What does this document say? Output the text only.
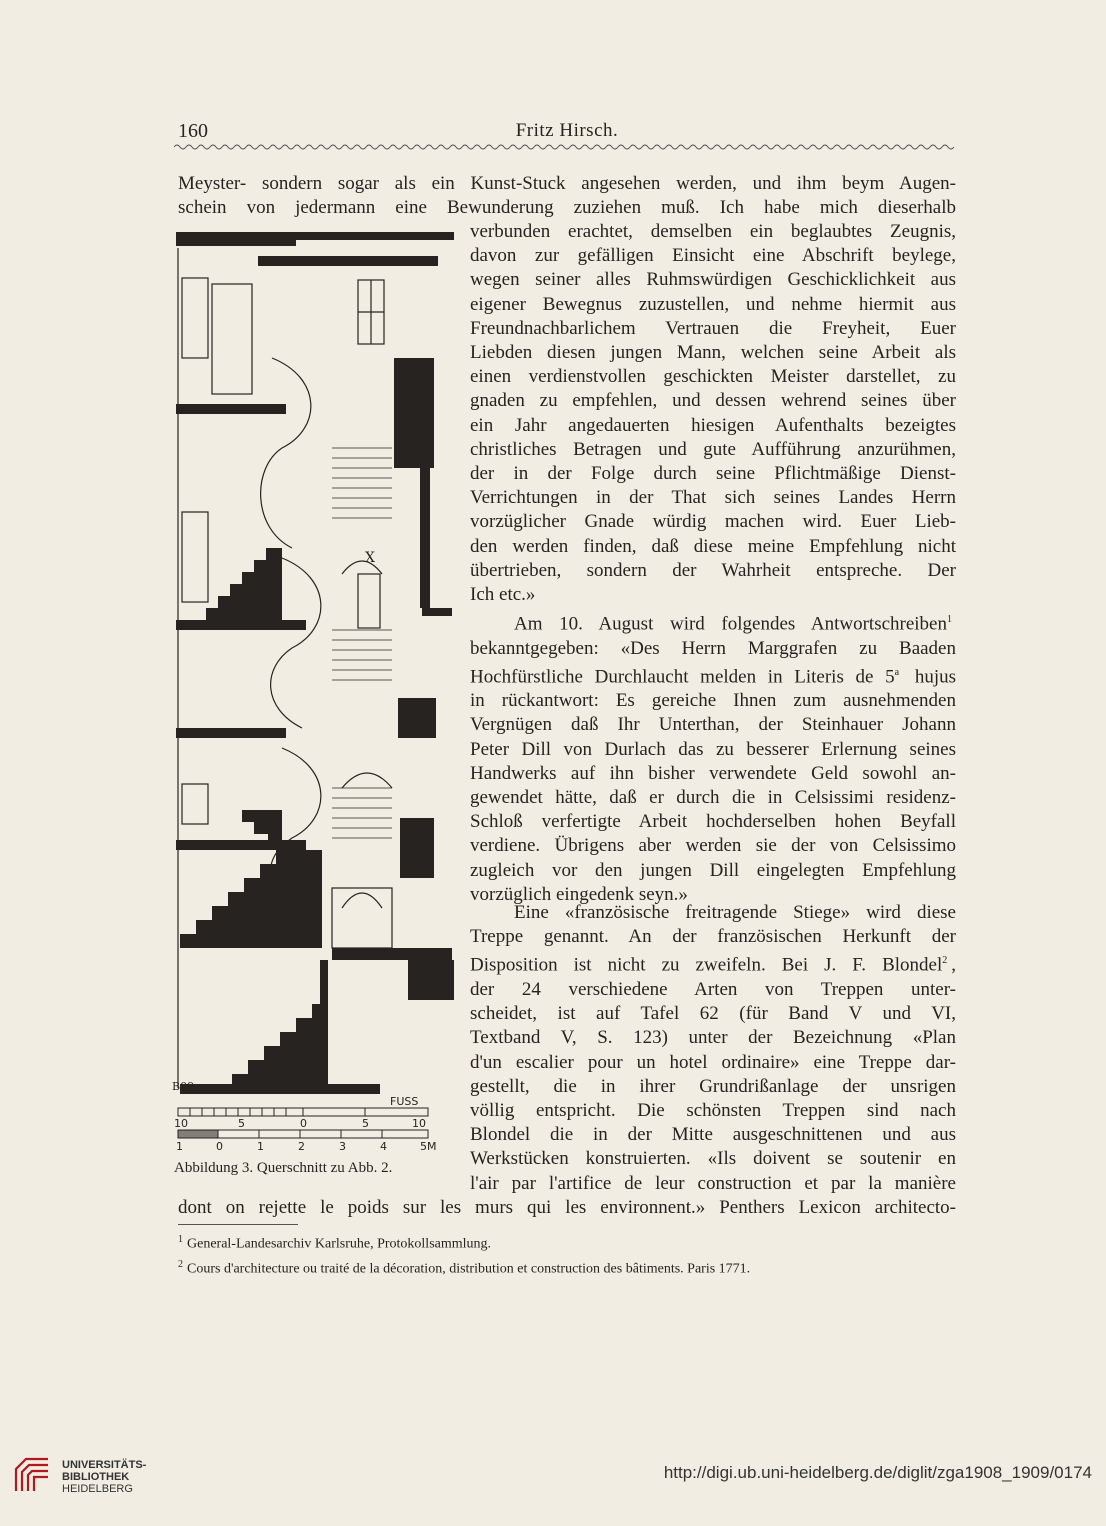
160	Fritz Hirsch.
Meyster- sondern sogar als ein Kunst-Stuck angesehen werden, und ihm beym Augen-
schein von jedermann eine Bewunderung zuziehen muß. Ich habe mich dieserhalb
verbunden erachtet, demselben ein beglaubtes Zeugnis,
davon zur gefälligen Einsicht eine Abschrift beylege,
wegen seiner alles Ruhmswürdigen Geschicklichkeit aus
eigener Bewegnus zuzustellen, und nehme hiermit aus
Freundnachbarlichem Vertrauen die Freyheit, Euer
Liebden diesen jungen Mann, welchen seine Arbeit als
einen verdienstvollen geschickten Meister darstellet, zu
gnaden zu empfehlen, und dessen wehrend seines über
ein Jahr angedauerten hiesigen Aufenthalts bezeigtes
christliches Betragen und gute Aufführung anzurühmen,
der in der Folge durch seine Pflichtmäßige Dienst-
Verrichtungen in der That sich seines Landes Herrn
vorzüglicher Gnade würdig machen wird. Euer Lieb-
den werden finden, daß diese meine Empfehlung nicht
übertrieben, sondern der Wahrheit entspreche. Der
Ich etc.»
Am 10. August wird folgendes Antwortschreiben$^1$
bekanntgegeben: «Des Herrn Marggrafen zu Baaden
Hochfürstliche Durchlaucht melden in Literis de 5$^a$ hujus
in rückantwort: Es gereiche Ihnen zum ausnehmenden
Vergnügen daß Ihr Unterthan, der Steinhauer Johann
Peter Dill von Durlach das zu besserer Erlernung seines
Handwerks auf ihn bisher verwendete Geld sowohl an-
gewendet hätte, daß er durch die in Celsissimi residenz-
Schloß verfertigte Arbeit hochderselben hohen Beyfall
verdiene. Übrigens aber werden sie der von Celsissimo
zugleich vor den jungen Dill eingelegten Empfehlung
vorzüglich eingedenk seyn.»
Eine «französische freitragende Stiege» wird diese
Treppe genannt. An der französischen Herkunft der
Disposition ist nicht zu zweifeln. Bei J. F. Blondel$^2$ ,
der 24 verschiedene Arten von Treppen unter-
scheidet, ist auf Tafel 62 (für Band V und VI,
Textband V, S. 123) unter der Bezeichnung «Plan
d'un escalier pour un hotel ordinaire» eine Treppe dar-
gestellt, die in ihrer Grundrißanlage der unsrigen
völlig entspricht. Die schönsten Treppen sind nach
Blondel die in der Mitte ausgeschnittenen und aus
Werkstücken konstruierten. «Ils doivent se soutenir en
l'air par l'artifice de leur construction et par la manière
dont on rejette le poids sur les murs qui les environnent.» Penthers Lexicon architecto-
X
B09
FUSS
10	5	0	5	10
1	0	1	2	3	4	5M
Abbildung 3. Querschnitt zu Abb. 2.
$^1$ General-Landesarchiv Karlsruhe, Protokollsammlung.
$^2$ Cours d'architecture ou traité de la décoration, distribution et construction des bâtiments. Paris 1771.
UNIVERSITÄTS-
BIBLIOTHEK
HEIDELBERG
http://digi.ub.uni-heidelberg.de/diglit/zga1908_1909/0174
